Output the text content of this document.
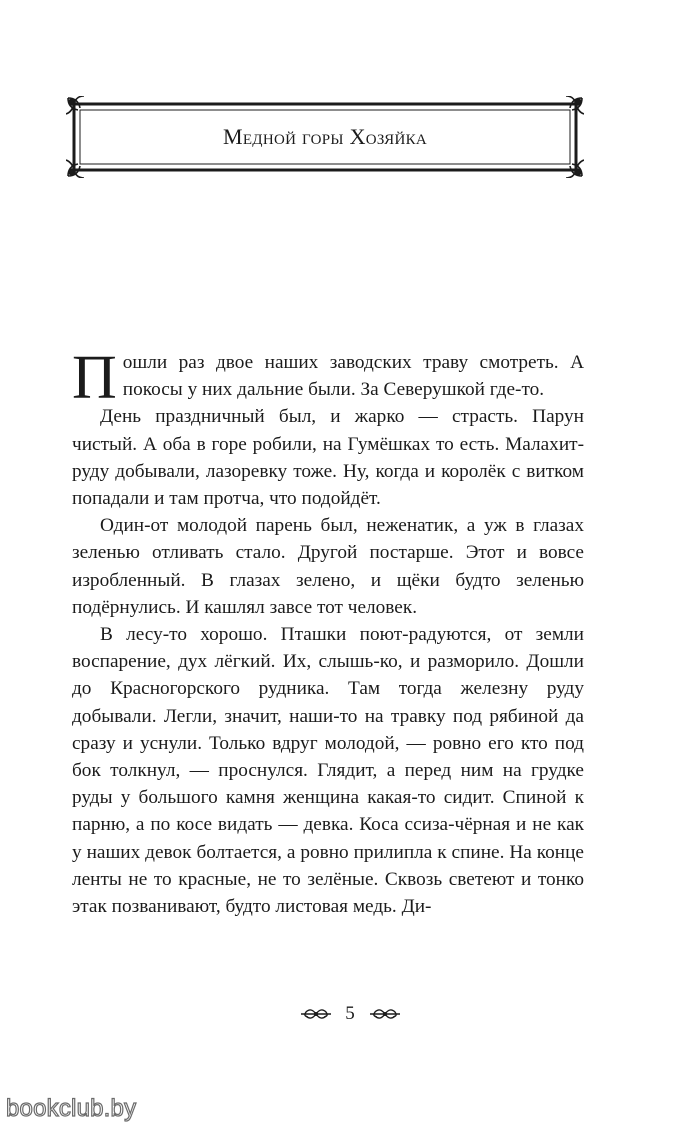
Медной горы Хозяйка

Пошли раз двое наших заводских траву смотреть. А покосы у них дальние были. За Северушкой где-то.

День праздничный был, и жарко — страсть. Парун чистый. А оба в горе робили, на Гумёшках то есть. Малахит-руду добывали, лазоревку тоже. Ну, когда и королёк с витком попадали и там протча, что подойдёт.

Один-от молодой парень был, неженатик, а уж в глазах зеленью отливать стало. Другой постарше. Этот и вовсе изробленный. В глазах зелено, и щёки будто зеленью подёрнулись. И кашлял завсе тот человек.

В лесу-то хорошо. Пташки поют-радуются, от земли воспарение, дух лёгкий. Их, слышь-ко, и разморило. Дошли до Красногорского рудника. Там тогда железну руду добывали. Легли, значит, наши-то на травку под рябиной да сразу и уснули. Только вдруг молодой, — ровно его кто под бок толкнул, — проснулся. Глядит, а перед ним на грудке руды у большого камня женщина какая-то сидит. Спиной к парню, а по косе видать — девка. Коса ссиза-чёрная и не как у наших девок болтается, а ровно прилипла к спине. На конце ленты не то красные, не то зелёные. Сквозь светеют и тонко этак позванивают, будто листовая медь. Ди-

5
bookclub.by
